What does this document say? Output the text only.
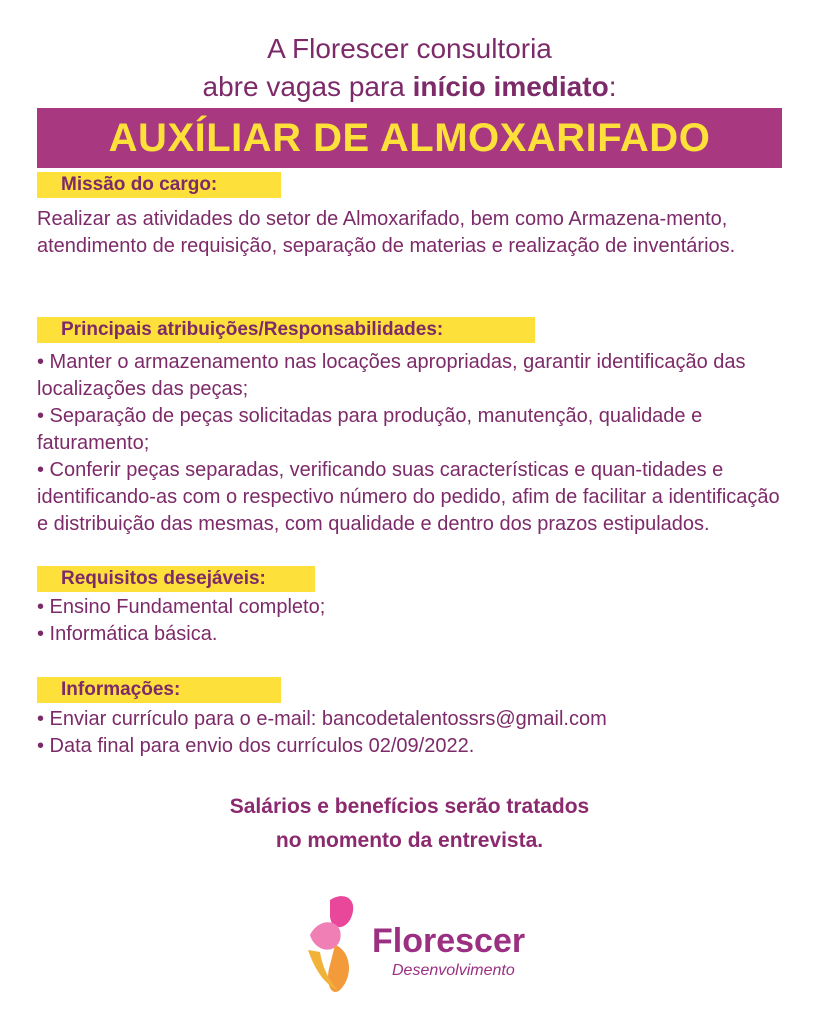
A Florescer consultoria
abre vagas para início imediato:
AUXÍLIAR DE ALMOXARIFADO
Missão do cargo:
Realizar as atividades do setor de Almoxarifado, bem como Armazena-mento, atendimento de requisição, separação de materias e realização de inventários.
Principais atribuições/Responsabilidades:
• Manter o armazenamento nas locações apropriadas, garantir identificação das localizações das peças;
• Separação de peças solicitadas para produção, manutenção, qualidade e faturamento;
• Conferir peças separadas, verificando suas características e quan-tidades e identificando-as com o respectivo número do pedido, afim de facilitar a identificação e distribuição das mesmas, com qualidade e dentro dos prazos estipulados.
Requisitos desejáveis:
• Ensino Fundamental completo;
• Informática básica.
Informações:
• Enviar currículo para o e-mail: bancodetalentossrs@gmail.com
• Data final para envio dos currículos 02/09/2022.
Salários e benefícios serão tratados
no momento da entrevista.
Florescer
Desenvolvimento
